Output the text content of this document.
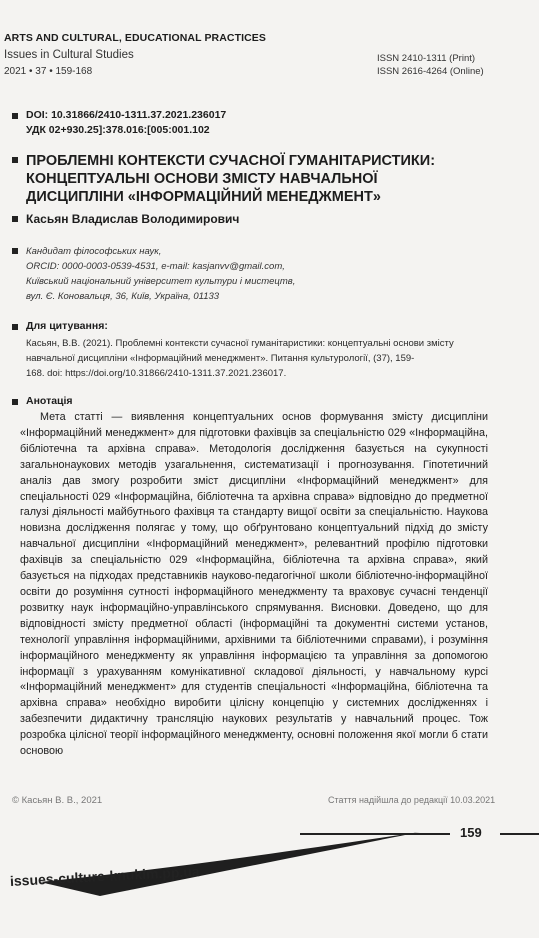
ARTS AND CULTURAL, EDUCATIONAL PRACTICES
Issues in Cultural Studies
2021 • 37 • 159-168
ISSN 2410-1311 (Print)
ISSN 2616-4264 (Online)
DOI: 10.31866/2410-1311.37.2021.236017
УДК 02+930.25]:378.016:[005:001.102
ПРОБЛЕМНІ КОНТЕКСТИ СУЧАСНОЇ ГУМАНІТАРИСТИКИ:
КОНЦЕПТУАЛЬНІ ОСНОВИ ЗМІСТУ НАВЧАЛЬНОЇ
ДИСЦИПЛІНИ «ІНФОРМАЦІЙНИЙ МЕНЕДЖМЕНТ»
Касьян Владислав Володимирович
Кандидат філософських наук,
ORCID: 0000-0003-0539-4531, e-mail: kasjanvv@gmail.com,
Київський національний університет культури і мистецтв,
вул. Є. Коновальця, 36, Київ, Україна, 01133
Для цитування:
Касьян, В.В. (2021). Проблемні контексти сучасної гуманітаристики: концептуальні основи змісту
навчальної дисципліни «Інформаційний менеджмент». Питання культурології, (37), 159-
168. doi: https://doi.org/10.31866/2410-1311.37.2021.236017.
Анотація
Мета статті — виявлення концептуальних основ формування змісту дисципліни «Інформаційний менеджмент» для підготовки фахівців за спеціальністю 029 «Інформаційна, бібліотечна та архівна справа». Методологія дослідження базується на сукупності загальнонаукових методів узагальнення, систематизації і прогнозування. Гіпотетичний аналіз дав змогу розробити зміст дисципліни «Інформаційний менеджмент» для спеціальності 029 «Інформаційна, бібліотечна та архівна справа» відповідно до предметної галузі діяльності майбутнього фахівця та стандарту вищої освіти за спеціальністю. Наукова новизна дослідження полягає у тому, що обґрунтовано концептуальний підхід до змісту навчальної дисципліни «Інформаційний менеджмент», релевантний профілю підготовки фахівців за спеціальністю 029 «Інформаційна, бібліотечна та архівна справа», який базується на підходах представників науково-педагогічної школи бібліотечно-інформаційної освіти до розуміння сутності інформаційного менеджменту та враховує сучасні тенденції розвитку наук інформаційно-управлінського спрямування. Висновки. Доведено, що для відповідності змісту предметної області (інформаційні та документні системи установ, технології управління інформаційними, архівними та бібліотечними справами), і розуміння інформаційного менеджменту як управління інформацією та управління за допомогою інформації з урахуванням комунікативної складової діяльності, у навчальному курсі «Інформаційний менеджмент» для студентів спеціальності «Інформаційна, бібліотечна та архівна справа» необхідно виробити цілісну концепцію у системних дослідженнях і забезпечити дидактичну трансляцію наукових результатів у навчальний процес. Тож розробка цілісної теорії інформаційного менеджменту, основні положення якої могли б стати основою
© Касьян В. В., 2021	Стаття надійшла до редакції 10.03.2021
159
issues-culture-knukim.pp.ua
